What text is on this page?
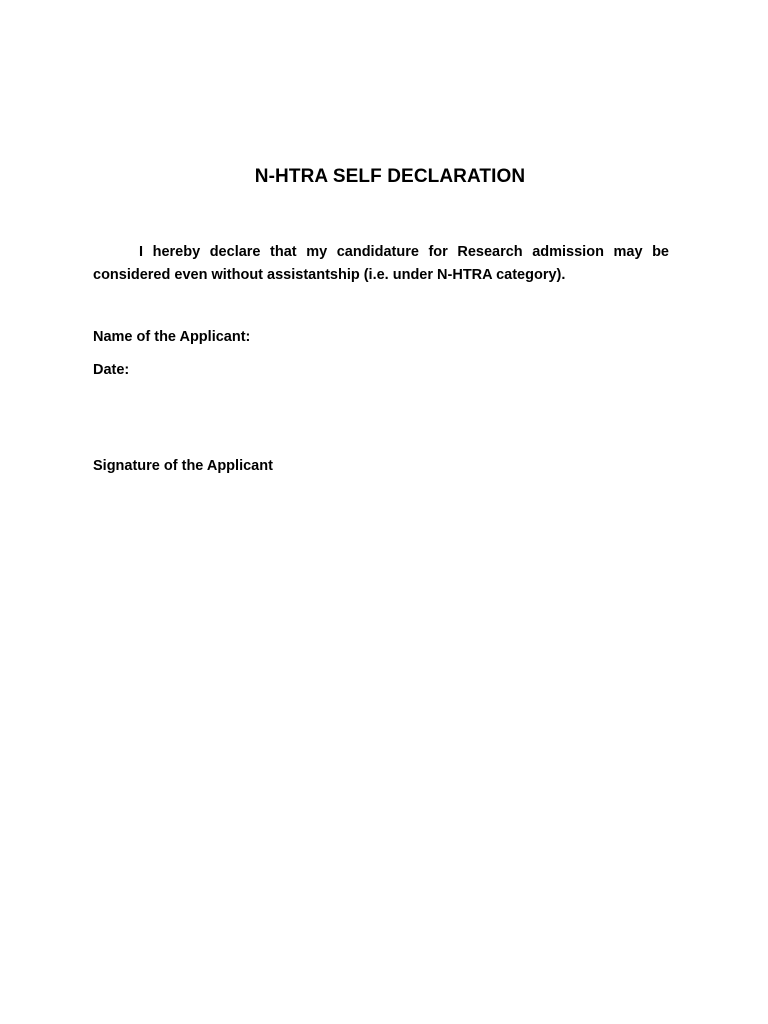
N-HTRA SELF DECLARATION

I hereby declare that my candidature for Research admission may be considered even without assistantship (i.e. under N-HTRA category).

Name of the Applicant:
Date:
Signature of the Applicant
